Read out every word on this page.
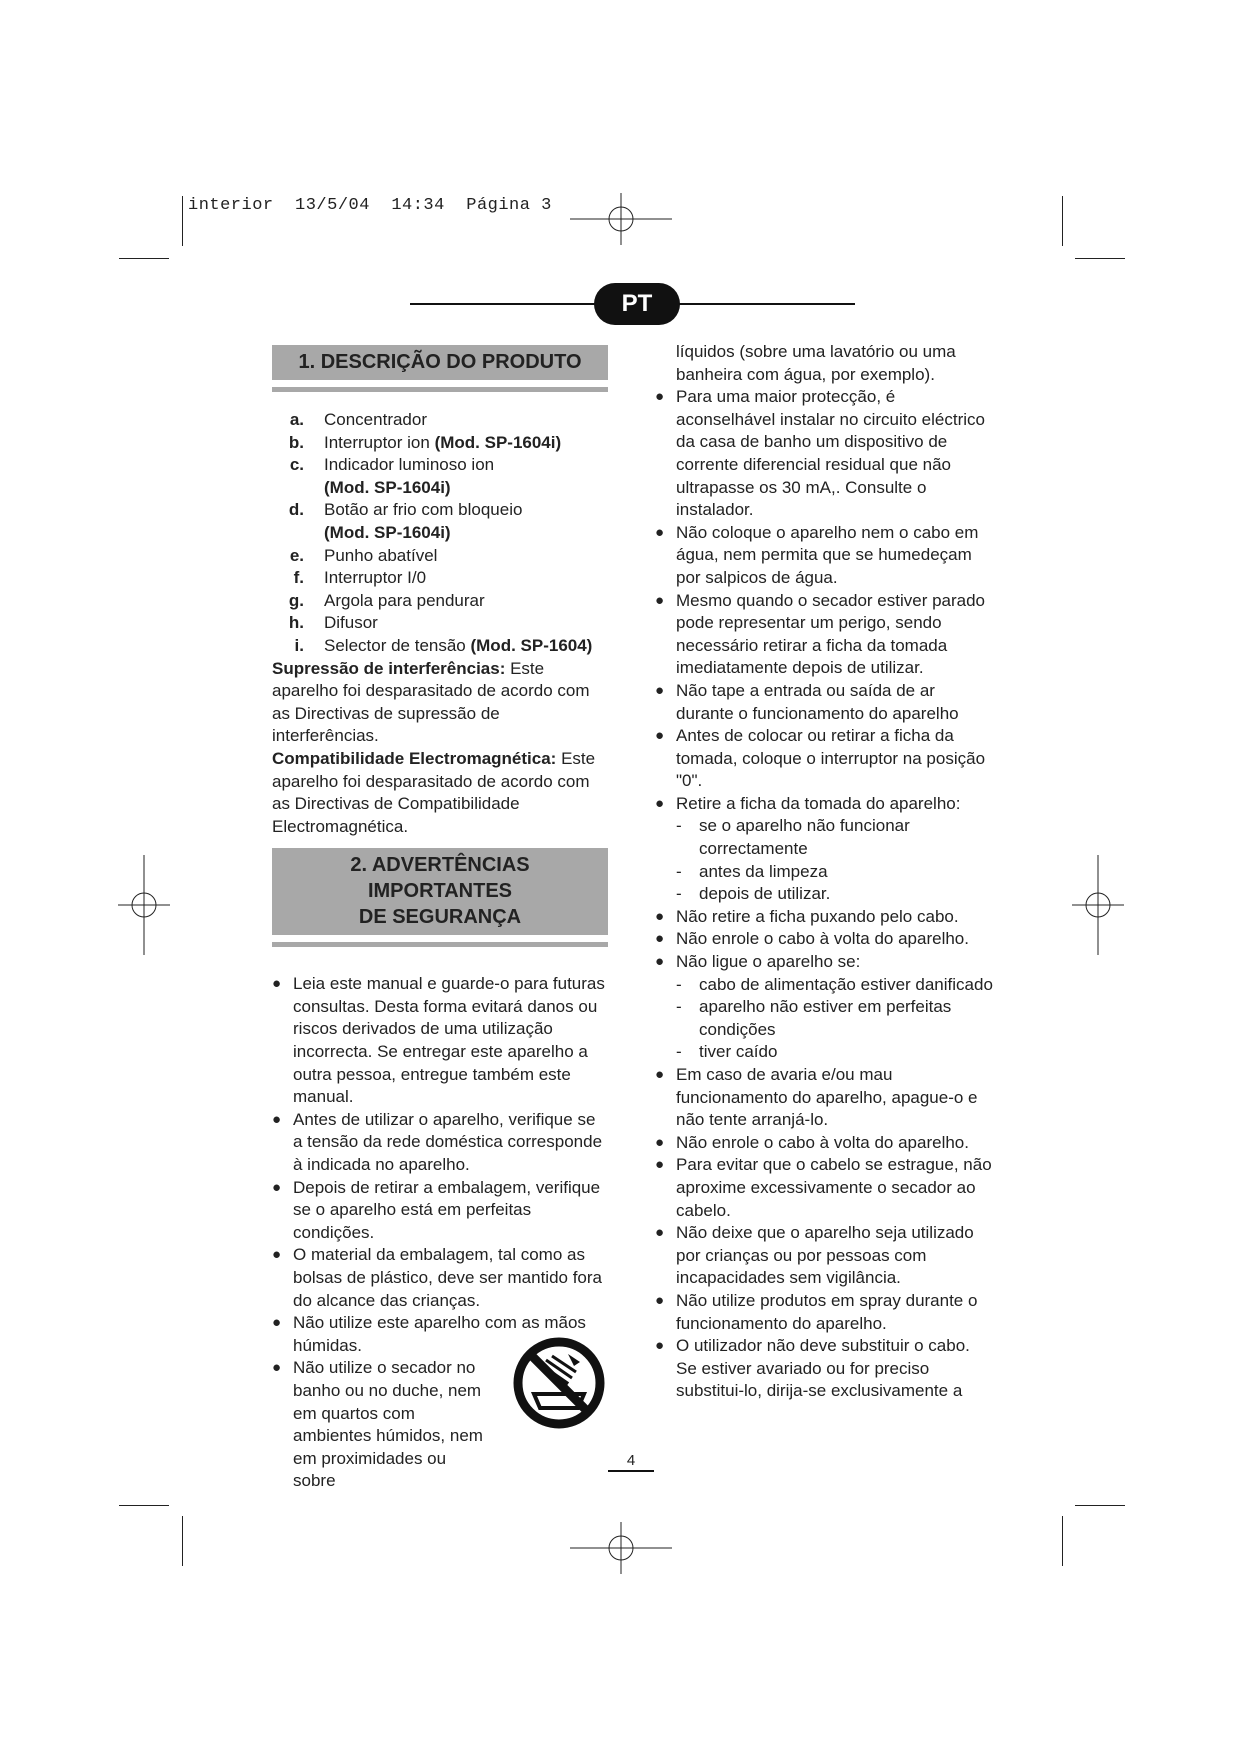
interior  13/5/04  14:34  Página 3
PT
1. DESCRIÇÃO DO PRODUTO
a.	Concentrador
b.	Interruptor ion (Mod. SP-1604i)
c.	Indicador luminoso ion
(Mod. SP-1604i)
d.	Botão ar frio com bloqueio
(Mod. SP-1604i)
e.	Punho abatível
f.	Interruptor I/0
g.	Argola para pendurar
h.	Difusor
i.	Selector de tensão (Mod. SP-1604)

Supressão de interferências: Este aparelho foi desparasitado de acordo com as Directivas de supressão de interferências.

Compatibilidade Electromagnética: Este aparelho foi desparasitado de acordo com as Directivas de Compatibilidade Electromagnética.

2. ADVERTÊNCIAS IMPORTANTES
DE SEGURANÇA
● Leia este manual e guarde-o para futuras consultas. Desta forma evitará danos ou riscos derivados de uma utilização incorrecta. Se entregar este aparelho a outra pessoa, entregue também este manual.
● Antes de utilizar o aparelho, verifique se a tensão da rede doméstica corresponde à indicada no aparelho.
● Depois de retirar a embalagem, verifique se o aparelho está em perfeitas condições.
● O material da embalagem, tal como as bolsas de plástico, deve ser mantido fora do alcance das crianças.
● Não utilize este aparelho com as mãos húmidas.
● Não utilize o secador no banho ou no duche, nem em quartos com ambientes húmidos, nem em proximidades ou sobre
líquidos (sobre uma lavatório ou uma banheira com água, por exemplo).
● Para uma maior protecção, é aconselhável instalar no circuito eléctrico da casa de banho um dispositivo de corrente diferencial residual que não ultrapasse os 30 mA,. Consulte o instalador.
● Não coloque o aparelho nem o cabo em água, nem permita que se humedeçam por salpicos de água.
● Mesmo quando o secador estiver parado pode representar um perigo, sendo necessário retirar a ficha da tomada imediatamente depois de utilizar.
● Não tape a entrada ou saída de ar durante o funcionamento do aparelho
● Antes de colocar ou retirar a ficha da tomada, coloque o interruptor na posição "0".
● Retire a ficha da tomada do aparelho:
-	se o aparelho não funcionar correctamente
-	antes da limpeza
-	depois de utilizar.
● Não retire a ficha puxando pelo cabo.
● Não enrole o cabo à volta do aparelho.
● Não ligue o aparelho se:
-	cabo de alimentação estiver danificado
-	aparelho não estiver em perfeitas condições
-	tiver caído
● Em caso de avaria e/ou mau funcionamento do aparelho, apague-o e não tente arranjá-lo.
● Não enrole o cabo à volta do aparelho.
● Para evitar que o cabelo se estrague, não aproxime excessivamente o secador ao cabelo.
● Não deixe que o aparelho seja utilizado por crianças ou por pessoas com incapacidades sem vigilância.
● Não utilize produtos em spray durante o funcionamento do aparelho.
● O utilizador não deve substituir o cabo. Se estiver avariado ou for preciso substitui-lo, dirija-se exclusivamente a
4
